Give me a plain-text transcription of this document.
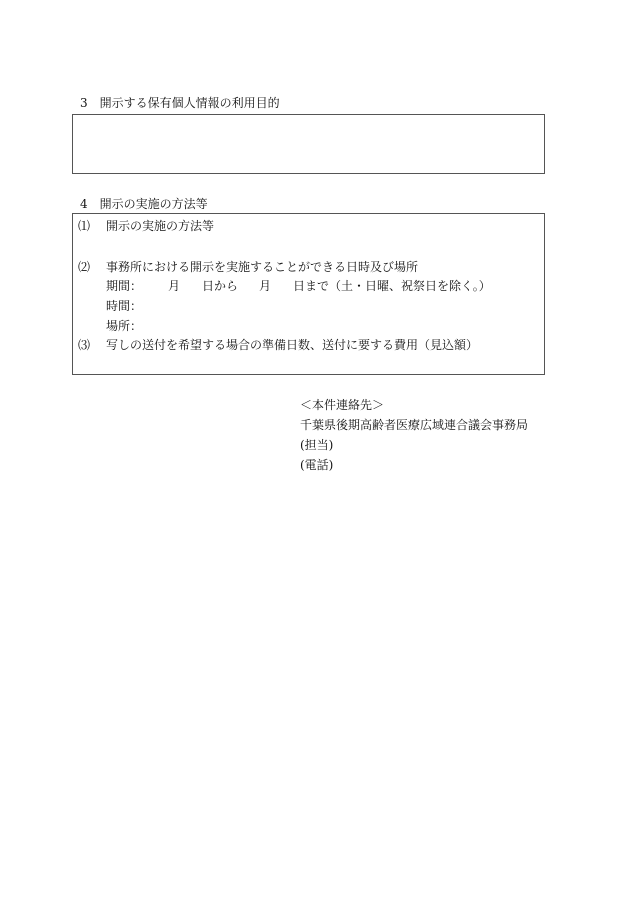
3　開示する保有個人情報の利用目的
4　開示の実施の方法等
⑴ 開示の実施の方法等
⑵ 事務所における開示を実施することができる日時及び場所
期間： 月 日から 月 日まで（土・日曜、祝祭日を除く。）
時間：
場所：
⑶ 写しの送付を希望する場合の準備日数、送付に要する費用（見込額）
＜本件連絡先＞
千葉県後期高齢者医療広域連合議会事務局
(担当)
(電話)
